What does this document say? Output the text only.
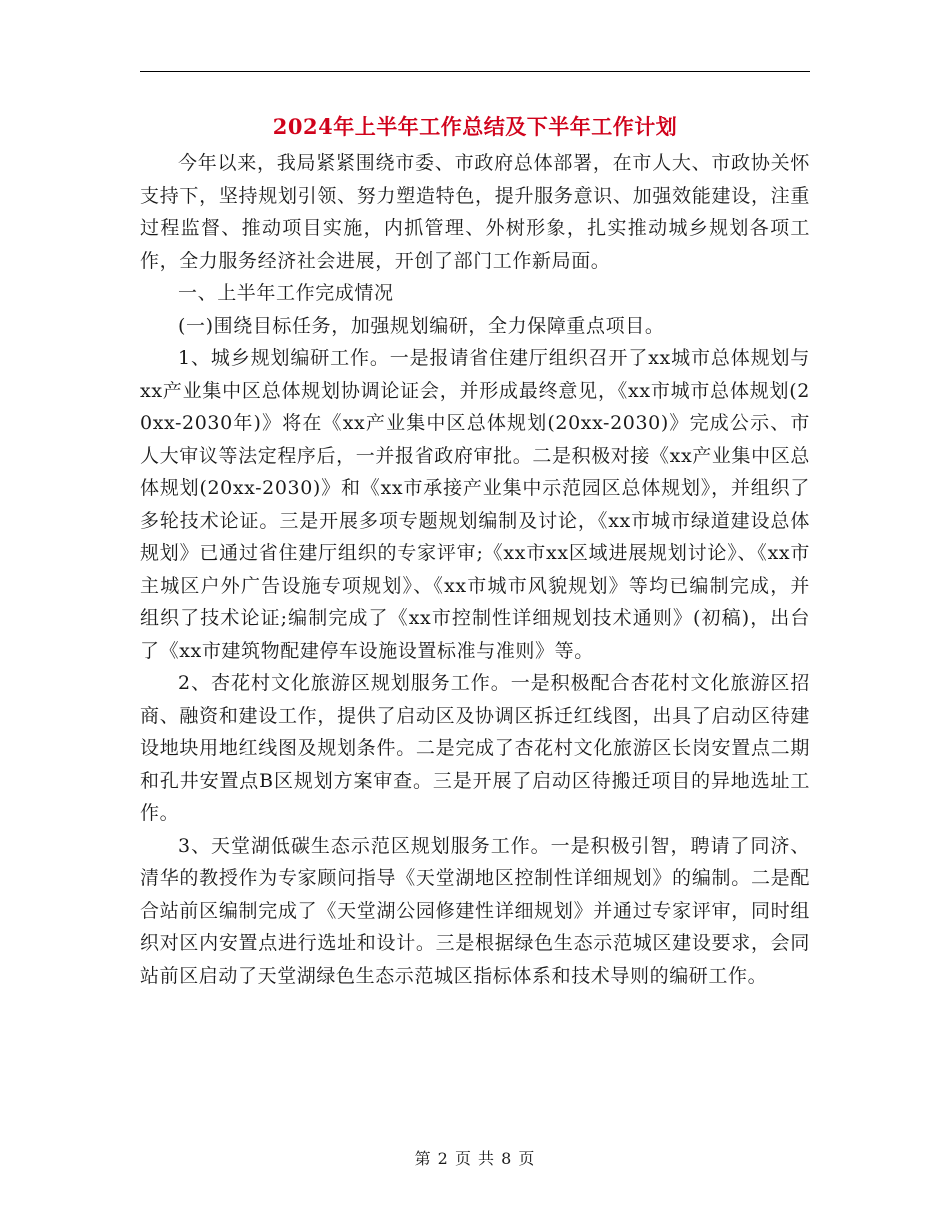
2024年上半年工作总结及下半年工作计划

今年以来，我局紧紧围绕市委、市政府总体部署，在市人大、市政协关怀支持下，坚持规划引领、努力塑造特色，提升服务意识、加强效能建设，注重过程监督、推动项目实施，内抓管理、外树形象，扎实推动城乡规划各项工作，全力服务经济社会进展，开创了部门工作新局面。

一、上半年工作完成情况

(一)围绕目标任务，加强规划编研，全力保障重点项目。

1、城乡规划编研工作。一是报请省住建厅组织召开了xx城市总体规划与xx产业集中区总体规划协调论证会，并形成最终意见，《xx市城市总体规划(20xx-2030年)》将在《xx产业集中区总体规划(20xx-2030)》完成公示、市人大审议等法定程序后，一并报省政府审批。二是积极对接《xx产业集中区总体规划(20xx-2030)》和《xx市承接产业集中示范园区总体规划》，并组织了多轮技术论证。三是开展多项专题规划编制及讨论，《xx市城市绿道建设总体规划》已通过省住建厅组织的专家评审;《xx市xx区域进展规划讨论》、《xx市主城区户外广告设施专项规划》、《xx市城市风貌规划》等均已编制完成，并组织了技术论证;编制完成了《xx市控制性详细规划技术通则》(初稿)，出台了《xx市建筑物配建停车设施设置标准与准则》等。

2、杏花村文化旅游区规划服务工作。一是积极配合杏花村文化旅游区招商、融资和建设工作，提供了启动区及协调区拆迁红线图，出具了启动区待建设地块用地红线图及规划条件。二是完成了杏花村文化旅游区长岗安置点二期和孔井安置点B区规划方案审查。三是开展了启动区待搬迁项目的异地选址工作。

3、天堂湖低碳生态示范区规划服务工作。一是积极引智，聘请了同济、清华的教授作为专家顾问指导《天堂湖地区控制性详细规划》的编制。二是配合站前区编制完成了《天堂湖公园修建性详细规划》并通过专家评审，同时组织对区内安置点进行选址和设计。三是根据绿色生态示范城区建设要求，会同站前区启动了天堂湖绿色生态示范城区指标体系和技术导则的编研工作。

第 2 页 共 8 页
